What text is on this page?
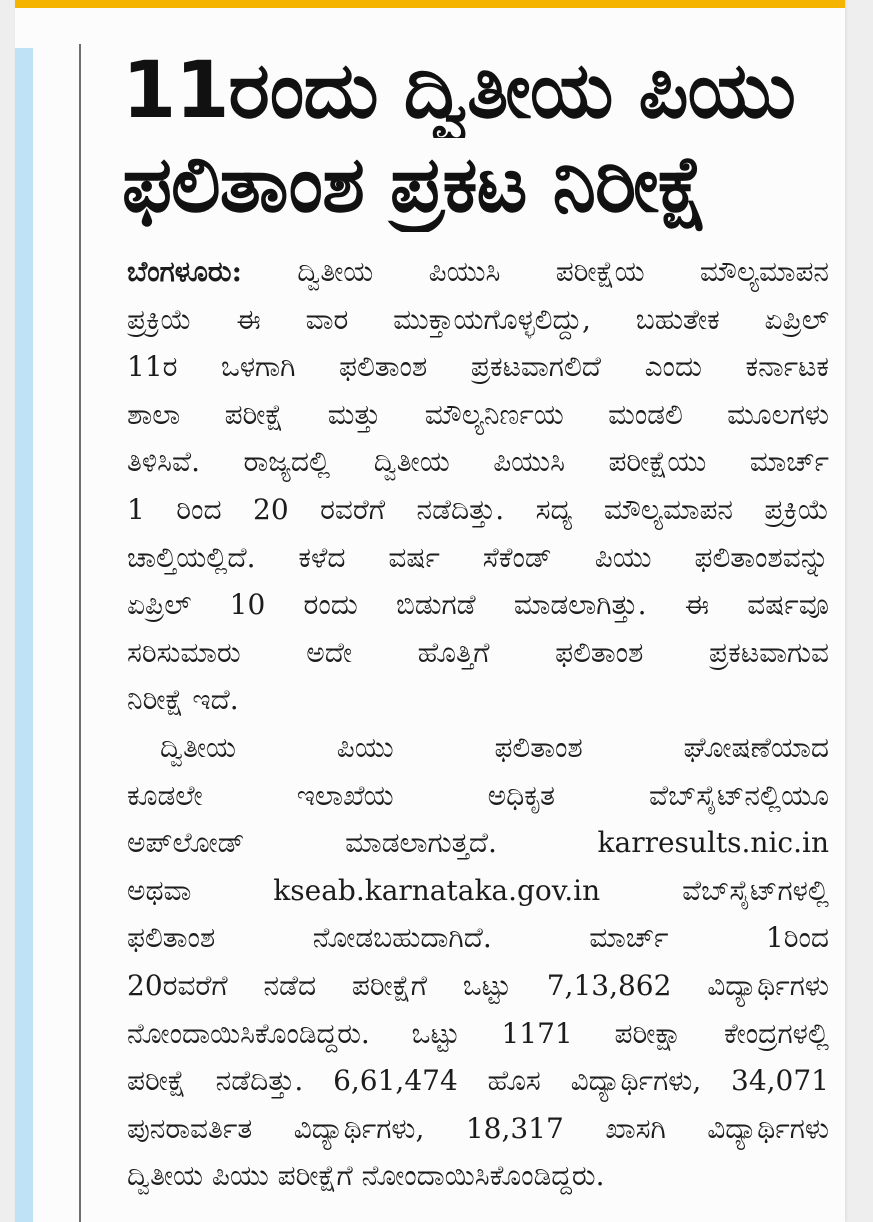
11ರಂದು ದ್ವಿತೀಯ ಪಿಯು
ಫಲಿತಾಂಶ ಪ್ರಕಟ ನಿರೀಕ್ಷೆ
ಬೆಂಗಳೂರು: ದ್ವಿತೀಯ ಪಿಯುಸಿ ಪರೀಕ್ಷೆಯ ಮೌಲ್ಯಮಾಪನ
ಪ್ರಕ್ರಿಯೆ ಈ ವಾರ ಮುಕ್ತಾಯಗೊಳ್ಳಲಿದ್ದು, ಬಹುತೇಕ ಏಪ್ರಿಲ್
11ರ ಒಳಗಾಗಿ ಫಲಿತಾಂಶ ಪ್ರಕಟವಾಗಲಿದೆ ಎಂದು ಕರ್ನಾಟಕ
ಶಾಲಾ ಪರೀಕ್ಷೆ ಮತ್ತು ಮೌಲ್ಯನಿರ್ಣಯ ಮಂಡಲಿ ಮೂಲಗಳು
ತಿಳಿಸಿವೆ. ರಾಜ್ಯದಲ್ಲಿ ದ್ವಿತೀಯ ಪಿಯುಸಿ ಪರೀಕ್ಷೆಯು ಮಾರ್ಚ್
1 ರಿಂದ 20 ರವರೆಗೆ ನಡೆದಿತ್ತು. ಸದ್ಯ ಮೌಲ್ಯಮಾಪನ ಪ್ರಕ್ರಿಯೆ
ಚಾಲ್ತಿಯಲ್ಲಿದೆ. ಕಳೆದ ವರ್ಷ ಸೆಕೆಂಡ್ ಪಿಯು ಫಲಿತಾಂಶವನ್ನು
ಏಪ್ರಿಲ್ 10 ರಂದು ಬಿಡುಗಡೆ ಮಾಡಲಾಗಿತ್ತು. ಈ ವರ್ಷವೂ
ಸರಿಸುಮಾರು ಅದೇ ಹೊತ್ತಿಗೆ ಫಲಿತಾಂಶ ಪ್ರಕಟವಾಗುವ
ನಿರೀಕ್ಷೆ ಇದೆ.
ದ್ವಿತೀಯ ಪಿಯು ಫಲಿತಾಂಶ ಘೋಷಣೆಯಾದ
ಕೂಡಲೇ ಇಲಾಖೆಯ ಅಧಿಕೃತ ವೆಬ್‌ಸೈಟ್‌ನಲ್ಲಿಯೂ
ಅಪ್‌ಲೋಡ್ ಮಾಡಲಾಗುತ್ತದೆ. karresults.nic.in
ಅಥವಾ kseab.karnataka.gov.in ವೆಬ್‌ಸೈಟ್‌ಗಳಲ್ಲಿ
ಫಲಿತಾಂಶ ನೋಡಬಹುದಾಗಿದೆ. ಮಾರ್ಚ್ 1ರಿಂದ
20ರವರೆಗೆ ನಡೆದ ಪರೀಕ್ಷೆಗೆ ಒಟ್ಟು 7,13,862 ವಿದ್ಯಾರ್ಥಿಗಳು
ನೋಂದಾಯಿಸಿಕೊಂಡಿದ್ದರು. ಒಟ್ಟು 1171 ಪರೀಕ್ಷಾ ಕೇಂದ್ರಗಳಲ್ಲಿ
ಪರೀಕ್ಷೆ ನಡೆದಿತ್ತು. 6,61,474 ಹೊಸ ವಿದ್ಯಾರ್ಥಿಗಳು, 34,071
ಪುನರಾವರ್ತಿತ ವಿದ್ಯಾರ್ಥಿಗಳು, 18,317 ಖಾಸಗಿ ವಿದ್ಯಾರ್ಥಿಗಳು
ದ್ವಿತೀಯ ಪಿಯು ಪರೀಕ್ಷೆಗೆ ನೋಂದಾಯಿಸಿಕೊಂಡಿದ್ದರು.
